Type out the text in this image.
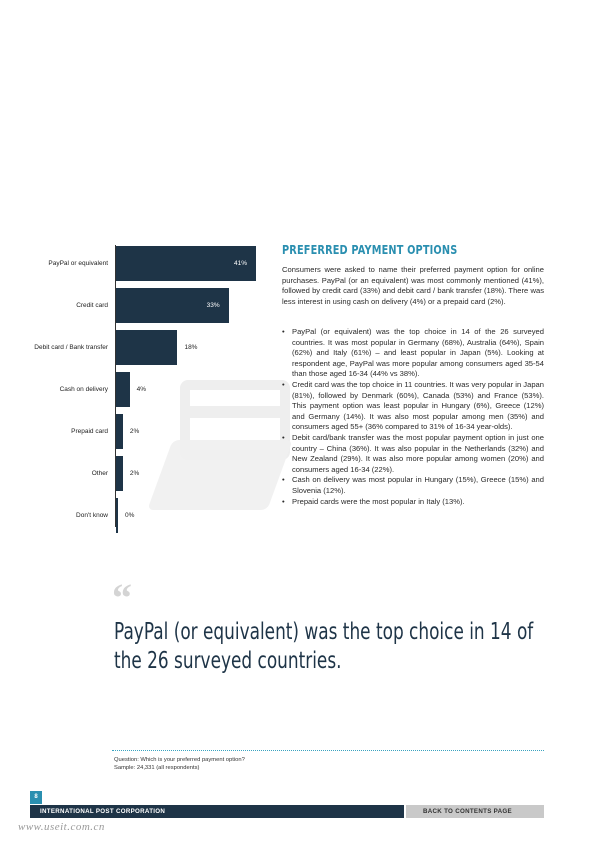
PREFERRED PAYMENT OPTIONS
Consumers were asked to name their preferred payment option for online purchases. PayPal (or an equivalent) was most commonly mentioned (41%), followed by credit card (33%) and debit card / bank transfer (18%). There was less interest in using cash on delivery (4%) or a prepaid card (2%).
• PayPal (or equivalent) was the top choice in 14 of the 26 surveyed countries. It was most popular in Germany (68%), Australia (64%), Spain (62%) and Italy (61%) – and least popular in Japan (5%). Looking at respondent age, PayPal was more popular among consumers aged 35-54 than those aged 16-34 (44% vs 38%).
• Credit card was the top choice in 11 countries. It was very popular in Japan (81%), followed by Denmark (60%), Canada (53%) and France (53%). This payment option was least popular in Hungary (6%), Greece (12%) and Germany (14%). It was also most popular among men (35%) and consumers aged 55+ (36% compared to 31% of 16-34 year-olds).
• Debit card/bank transfer was the most popular payment option in just one country – China (36%). It was also popular in the Netherlands (32%) and New Zealand (29%). It was also more popular among women (20%) and consumers aged 16-34 (22%).
• Cash on delivery was most popular in Hungary (15%), Greece (15%) and Slovenia (12%).
• Prepaid cards were the most popular in Italy (13%).
“
PayPal (or equivalent) was the top choice in 14 of
the 26 surveyed countries.
Question: Which is your preferred payment option?
Sample: 24,331 (all respondents)
8
INTERNATIONAL POST CORPORATION	BACK TO CONTENTS PAGE
www.useit.com.cn
PayPal or equivalent	41%
Credit card	33%
Debit card / Bank transfer	18%
Cash on delivery	4%
Prepaid card	2%
Other	2%
Don't know	0%
